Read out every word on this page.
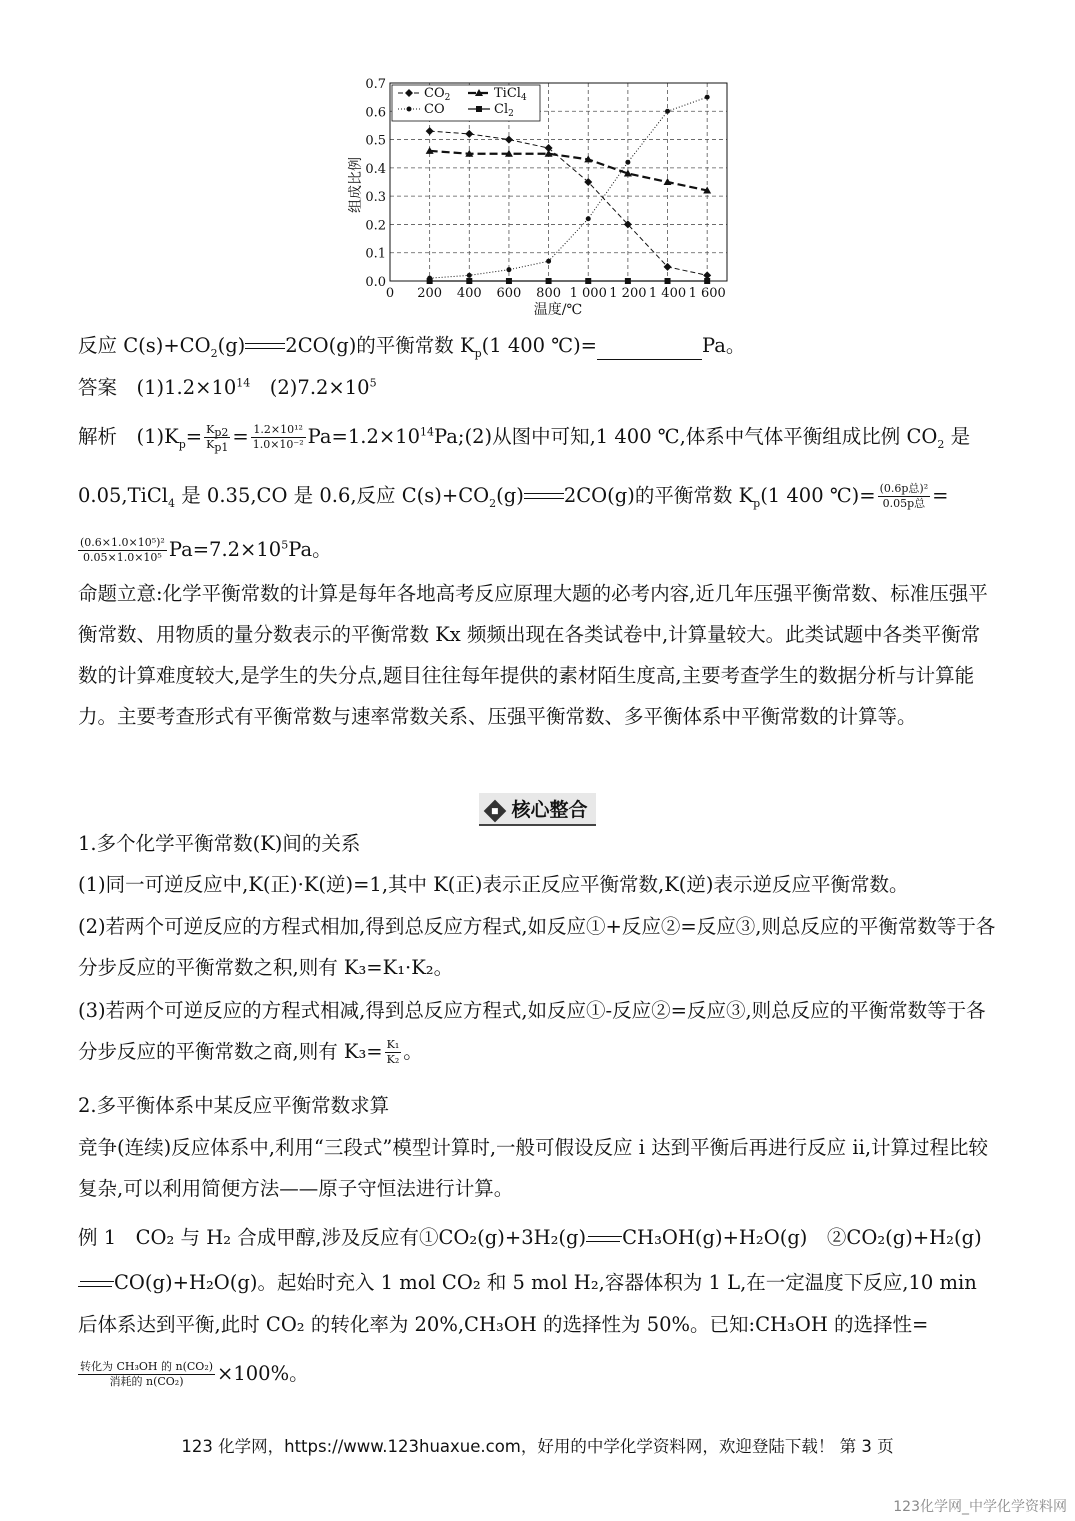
0.0
0.1
0.2
0.3
0.4
0.5
0.6
0.7
0 200 400 600 800 1 000 1 200 1 400 1 600
$CO_2$	TiCl$_4$
CO	$Cl_2$
组成比例
温度/℃
反应 $C(s)+CO_2(g)$ 2CO(g)的平衡常数 $K_p(1$ 400 ℃)=	Pa。
答案　$(1)1.2\times 10^{14}$　$(2)7.2\times 10^5$
解析　$(1)K_p= \frac{K_{p2}}{K_{p1}} = \frac{\text{1.2×10¹²}}{\text{1.0×10⁻²}}$ $Pa=1.2\times 10^{14}Pa;(2)$从图中可知,1 400 ℃,体系中气体平衡组成比例 $CO_2$ 是
0.05,TiCl$_4$ 是 0.35,CO 是 0.6,反应 $C(s)+CO_2(g)$ 2CO(g)的平衡常数 $K_p(1$ 400 ℃)= $\frac{\text{(0.6p总)²}}{\text{0.05p总}}$ =
$\frac{\text{(0.6×1.0×10⁵)²}}{\text{0.05×1.0×10⁵}} Pa=7.2\times 10^5Pa$。
命题立意:化学平衡常数的计算是每年各地高考反应原理大题的必考内容,近几年压强平衡常数、标准压强平衡常数、用物质的量分数表示的平衡常数 Kx 频频出现在各类试卷中,计算量较大。此类试题中各类平衡常数的计算难度较大,是学生的失分点,题目往往每年提供的素材陌生度高,主要考查学生的数据分析与计算能力。主要考查形式有平衡常数与速率常数关系、压强平衡常数、多平衡体系中平衡常数的计算等。
◆ 核心整合
1.多个化学平衡常数(K)间的关系
(1)同一可逆反应中,K(正)·K(逆)=1,其中 K(正)表示正反应平衡常数,K(逆)表示逆反应平衡常数。
(2)若两个可逆反应的方程式相加,得到总反应方程式,如反应①+反应②=反应③,则总反应的平衡常数等于各分步反应的平衡常数之积,则有 K₃=K₁·K₂。
(3)若两个可逆反应的方程式相减,得到总反应方程式,如反应①-反应②=反应③,则总反应的平衡常数等于各分步反应的平衡常数之商,则有 $K_3= \frac{\text{K₁}}{\text{K₂}}$ 。
2.多平衡体系中某反应平衡常数求算
竞争(连续)反应体系中,利用“三段式”模型计算时,一般可假设反应 i 达到平衡后再进行反应 ii,计算过程比较复杂,可以利用简便方法——原子守恒法进行计算。
例 1　CO₂ 与 H₂ 合成甲醇,涉及反应有①CO₂(g)+3H₂(g) CH₃OH(g)+H₂O(g)　②CO₂(g)+H₂(g)
CO(g)+H₂O(g)。起始时充入 1 mol CO₂ 和 5 mol H₂,容器体积为 1 L,在一定温度下反应,10 min
后体系达到平衡,此时 CO₂ 的转化率为 20%,CH₃OH 的选择性为 50%。已知:CH₃OH 的选择性=
$\frac{\text{转化为 CH₃OH 的 n(CO₂)}}{\text{消耗的 n(CO₂)}} \times 100\%$。
123 化学网，https://www.123huaxue.com，好用的中学化学资料网，欢迎登陆下载！ 第 3 页
123化学网_中学化学资料网
